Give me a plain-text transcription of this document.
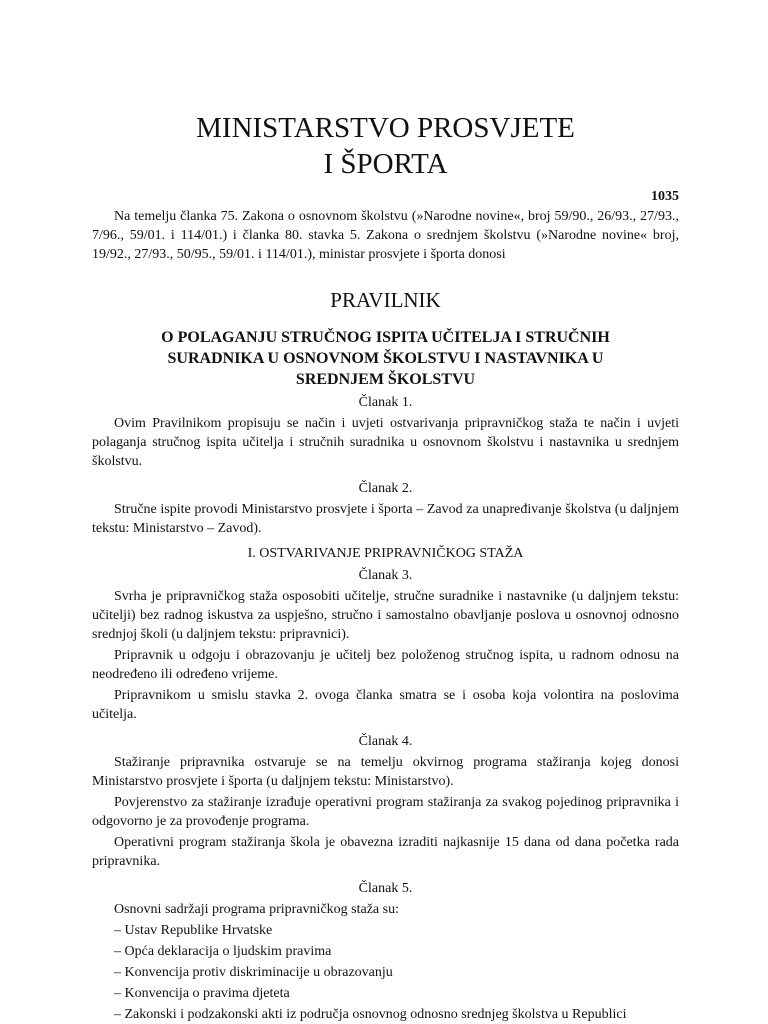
MINISTARSTVO PROSVJETE
I ŠPORTA
1035

Na temelju članka 75. Zakona o osnovnom školstvu (»Narodne novine«, broj 59/90., 26/93., 27/93., 7/96., 59/01. i 114/01.) i članka 80. stavka 5. Zakona o srednjem školstvu (»Narodne novine« broj, 19/92., 27/93., 50/95., 59/01. i 114/01.), ministar prosvjete i športa donosi

PRAVILNIK
O POLAGANJU STRUČNOG ISPITA UČITELJA I STRUČNIH
SURADNIKA U OSNOVNOM ŠKOLSTVU I NASTAVNIKA U
SREDNJEM ŠKOLSTVU
Članak 1.

Ovim Pravilnikom propisuju se način i uvjeti ostvarivanja pripravničkog staža te način i uvjeti polaganja stručnog ispita učitelja i stručnih suradnika u osnovnom školstvu i nastavnika u srednjem školstvu.

Članak 2.

Stručne ispite provodi Ministarstvo prosvjete i športa – Zavod za unapređivanje školstva (u daljnjem tekstu: Ministarstvo – Zavod).

I. OSTVARIVANJE PRIPRAVNIČKOG STAŽA
Članak 3.

Svrha je pripravničkog staža osposobiti učitelje, stručne suradnike i nastavnike (u daljnjem tekstu: učitelji) bez radnog iskustva za uspješno, stručno i samostalno obavljanje poslova u osnovnoj odnosno srednjoj školi (u daljnjem tekstu: pripravnici).

Pripravnik u odgoju i obrazovanju je učitelj bez položenog stručnog ispita, u radnom odnosu na neodređeno ili određeno vrijeme.

Pripravnikom u smislu stavka 2. ovoga članka smatra se i osoba koja volontira na poslovima učitelja.

Članak 4.

Stažiranje pripravnika ostvaruje se na temelju okvirnog programa stažiranja kojeg donosi Ministarstvo prosvjete i športa (u daljnjem tekstu: Ministarstvo).

Povjerenstvo za stažiranje izrađuje operativni program stažiranja za svakog pojedinog pripravnika i odgovorno je za provođenje programa.

Operativni program stažiranja škola je obavezna izraditi najkasnije 15 dana od dana početka rada pripravnika.

Članak 5.

Osnovni sadržaji programa pripravničkog staža su:

– Ustav Republike Hrvatske

– Opća deklaracija o ljudskim pravima

– Konvencija protiv diskriminacije u obrazovanju

– Konvencija o pravima djeteta

– Zakonski i podzakonski akti iz područja osnovnog odnosno srednjeg školstva u Republici
